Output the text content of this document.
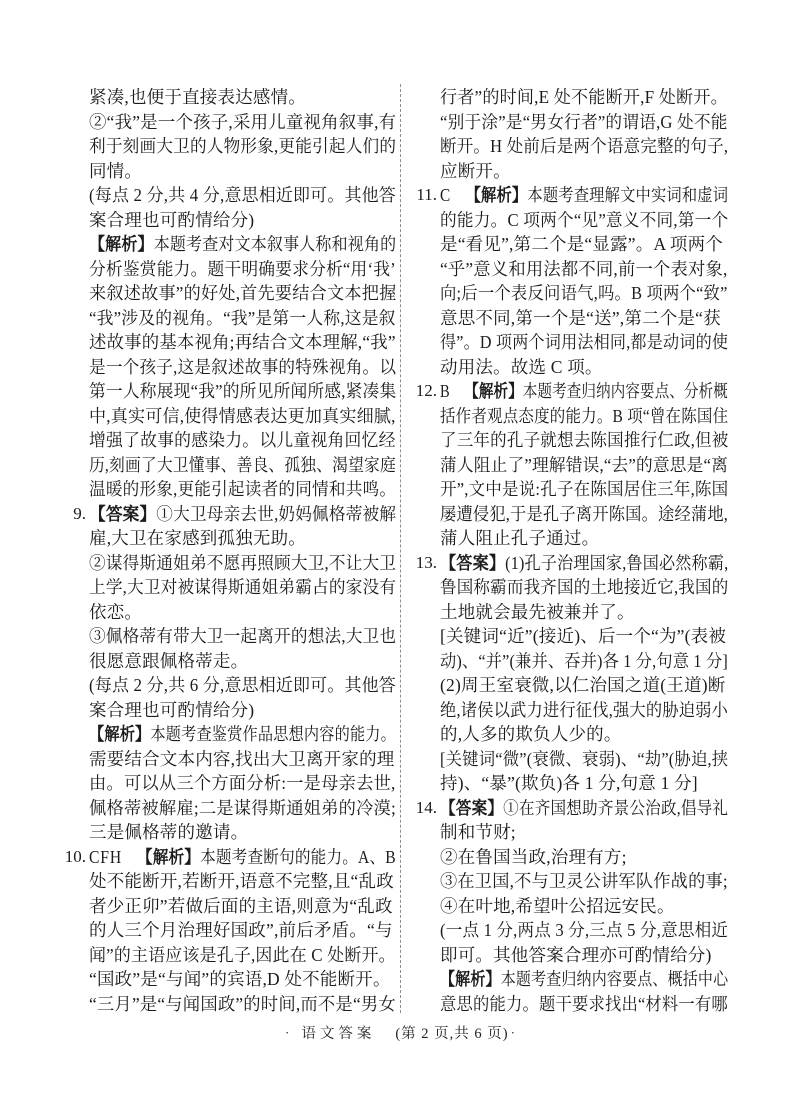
紧凑,也便于直接表达感情。
②“我”是一个孩子,采用儿童视角叙事,有
利于刻画大卫的人物形象,更能引起人们的
同情。
(每点 2 分,共 4 分,意思相近即可。其他答
案合理也可酌情给分)
【解析】本题考查对文本叙事人称和视角的
分析鉴赏能力。题干明确要求分析“用‘我’
来叙述故事”的好处,首先要结合文本把握
“我”涉及的视角。“我”是第一人称,这是叙
述故事的基本视角;再结合文本理解,“我”
是一个孩子,这是叙述故事的特殊视角。以
第一人称展现“我”的所见所闻所感,紧凑集
中,真实可信,使得情感表达更加真实细腻,
增强了故事的感染力。以儿童视角回忆经
历,刻画了大卫懂事、善良、孤独、渴望家庭
温暖的形象,更能引起读者的同情和共鸣。
9. 【答案】①大卫母亲去世,奶妈佩格蒂被解
雇,大卫在家感到孤独无助。
②谋得斯通姐弟不愿再照顾大卫,不让大卫
上学,大卫对被谋得斯通姐弟霸占的家没有
依恋。
③佩格蒂有带大卫一起离开的想法,大卫也
很愿意跟佩格蒂走。
(每点 2 分,共 6 分,意思相近即可。其他答
案合理也可酌情给分)
【解析】本题考查鉴赏作品思想内容的能力。
需要结合文本内容,找出大卫离开家的理
由。可以从三个方面分析:一是母亲去世,
佩格蒂被解雇;二是谋得斯通姐弟的冷漠;
三是佩格蒂的邀请。
10. CFH 【解析】本题考查断句的能力。A、B
处不能断开,若断开,语意不完整,且“乱政
者少正卯”若做后面的主语,则意为“乱政
的人三个月治理好国政”,前后矛盾。“与
闻”的主语应该是孔子,因此在 C 处断开。
“国政”是“与闻”的宾语,D 处不能断开。
“三月”是“与闻国政”的时间,而不是“男女
行者”的时间,E 处不能断开,F 处断开。
“别于涂”是“男女行者”的谓语,G 处不能
断开。H 处前后是两个语意完整的句子,
应断开。
11. C 【解析】本题考查理解文中实词和虚词
的能力。C 项两个“见”意义不同,第一个
是“看见”,第二个是“显露”。A 项两个
“乎”意义和用法都不同,前一个表对象,
向;后一个表反问语气,吗。B 项两个“致”
意思不同,第一个是“送”,第二个是“获
得”。D 项两个词用法相同,都是动词的使
动用法。故选 C 项。
12. B 【解析】本题考查归纳内容要点、分析概
括作者观点态度的能力。B 项“曾在陈国住
了三年的孔子就想去陈国推行仁政,但被
蒲人阻止了”理解错误,“去”的意思是“离
开”,文中是说:孔子在陈国居住三年,陈国
屡遭侵犯,于是孔子离开陈国。途经蒲地,
蒲人阻止孔子通过。
13. 【答案】(1)孔子治理国家,鲁国必然称霸,
鲁国称霸而我齐国的土地接近它,我国的
土地就会最先被兼并了。
[关键词“近”(接近)、后一个“为”(表被
动)、“并”(兼并、吞并)各 1 分,句意 1 分]
(2)周王室衰微,以仁治国之道(王道)断
绝,诸侯以武力进行征伐,强大的胁迫弱小
的,人多的欺负人少的。
[关键词“微”(衰微、衰弱)、“劫”(胁迫,挟
持)、“暴”(欺负)各 1 分,句意 1 分]
14. 【答案】①在齐国想助齐景公治政,倡导礼
制和节财;
②在鲁国当政,治理有方;
③在卫国,不与卫灵公讲军队作战的事;
④在叶地,希望叶公招远安民。
(一点 1 分,两点 3 分,三点 5 分,意思相近
即可。其他答案合理亦可酌情给分)
【解析】本题考查归纳内容要点、概括中心
意思的能力。题干要求找出“材料一有哪
· 语文答案 (第 2 页,共 6 页) ·
